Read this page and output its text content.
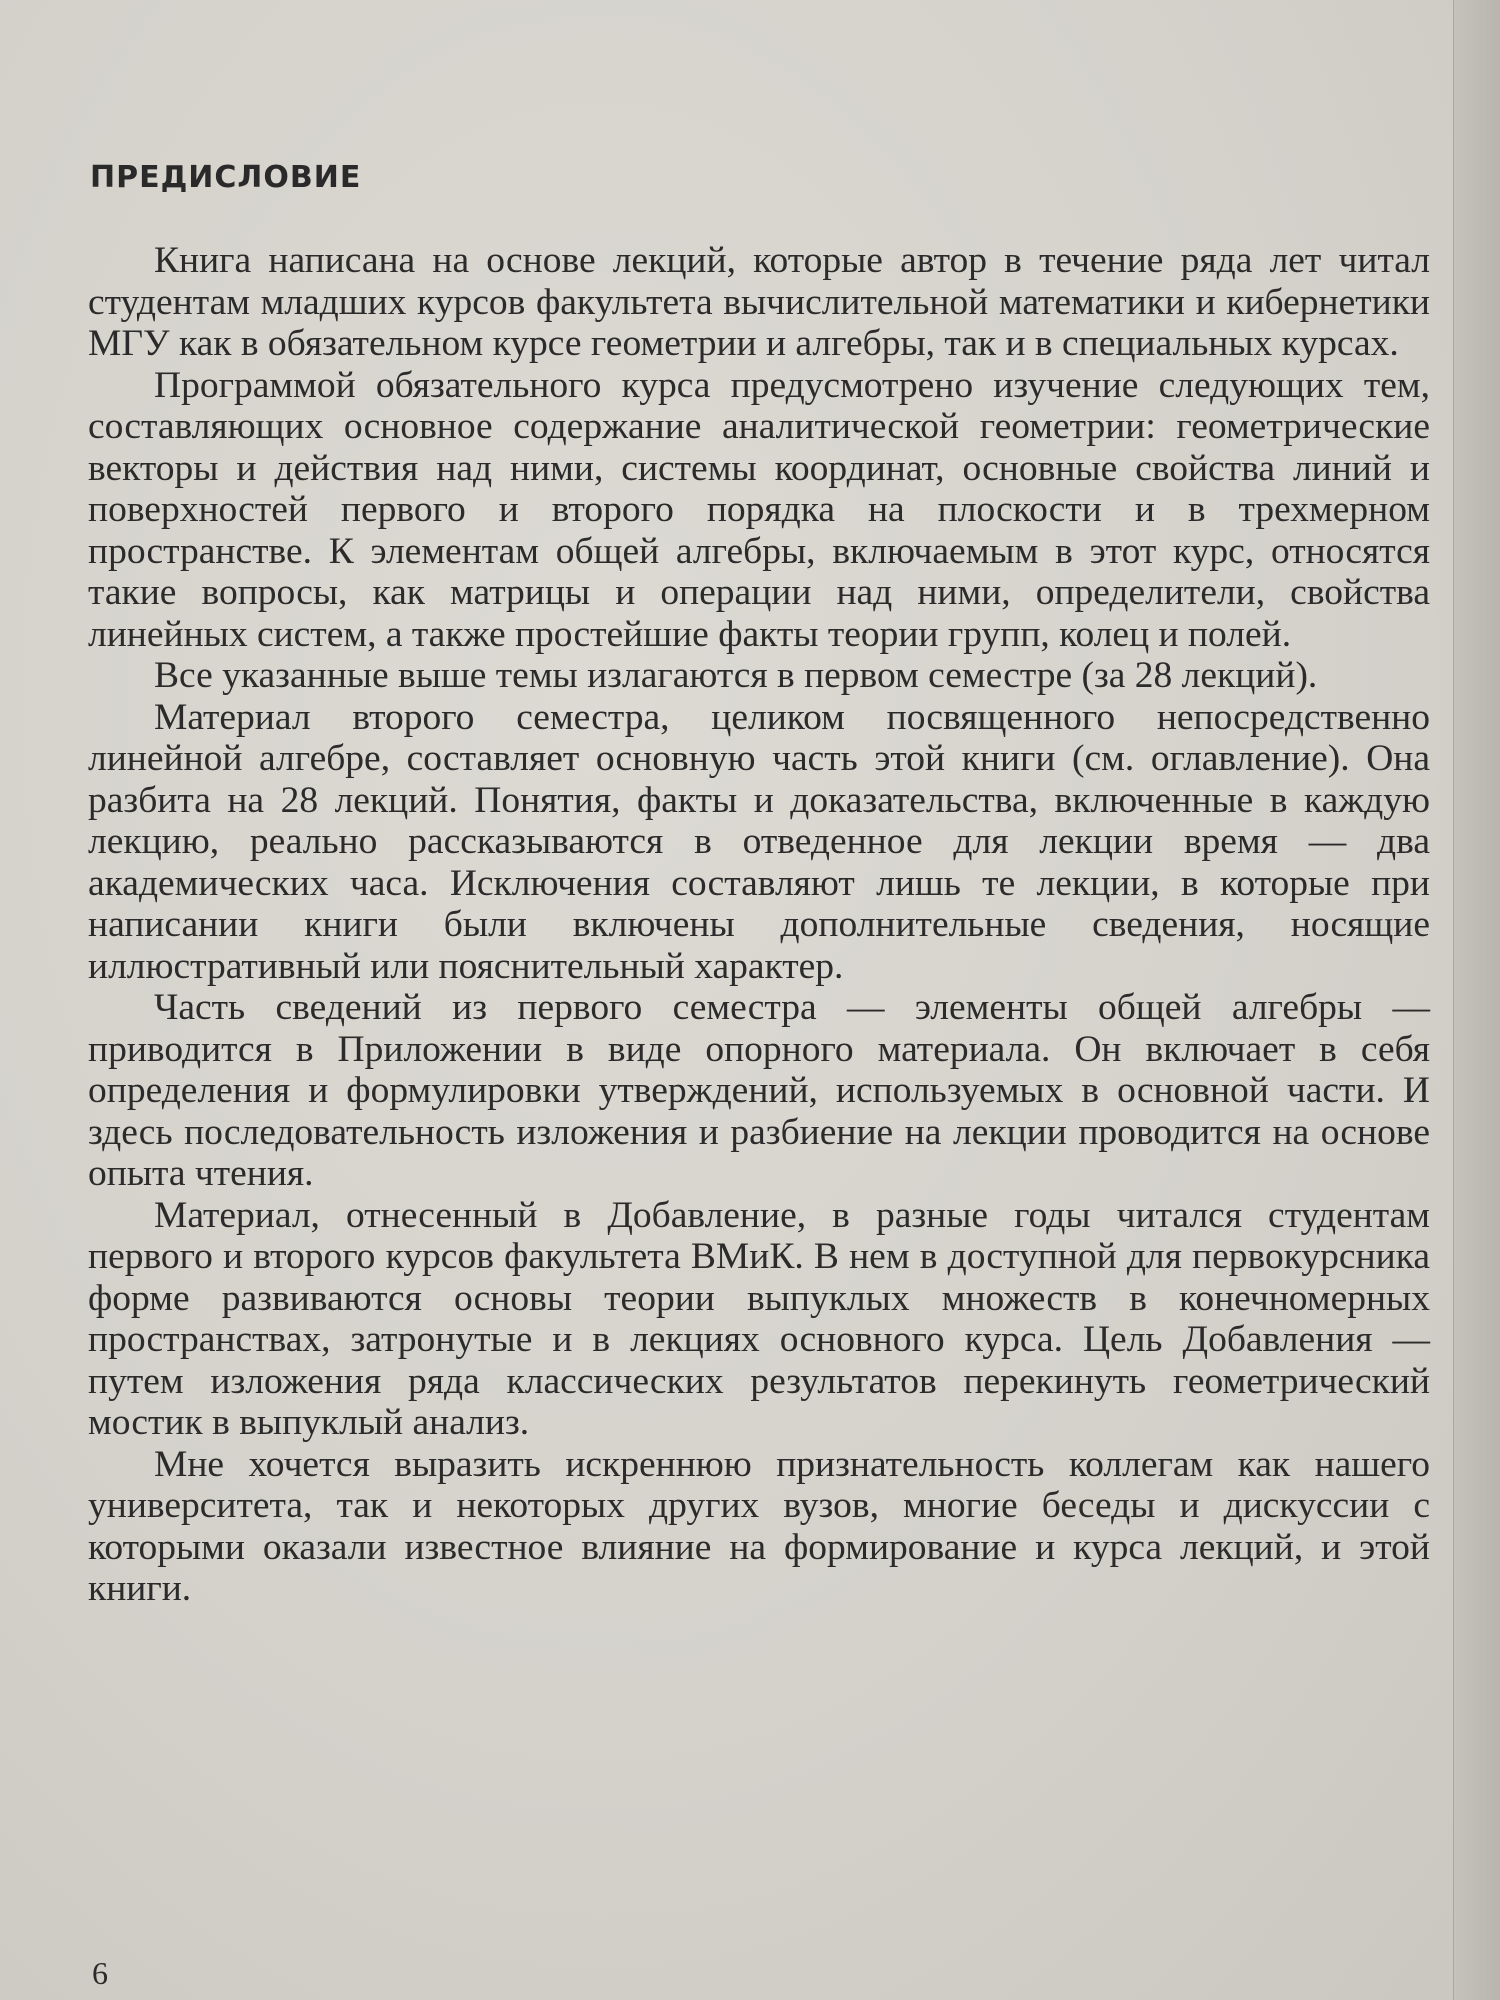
ПРЕДИСЛОВИЕ

Книга написана на основе лекций, которые автор в течение ряда лет читал студентам младших курсов факультета вычислительной математики и кибернетики МГУ как в обязательном курсе геометрии и алгебры, так и в специальных курсах.

Программой обязательного курса предусмотрено изучение следующих тем, составляющих основное содержание аналитической геометрии: геометрические векторы и действия над ними, системы координат, основные свойства линий и поверхностей первого и второго порядка на плоскости и в трехмерном пространстве. К элементам общей алгебры, включаемым в этот курс, относятся такие вопросы, как матрицы и операции над ними, определители, свойства линейных систем, а также простейшие факты теории групп, колец и полей.

Все указанные выше темы излагаются в первом семестре (за 28 лекций).

Материал второго семестра, целиком посвященного непосредственно линейной алгебре, составляет основную часть этой книги (см. оглавление). Она разбита на 28 лекций. Понятия, факты и доказательства, включенные в каждую лекцию, реально рассказываются в отведенное для лекции время — два академических часа. Исключения составляют лишь те лекции, в которые при написании книги были включены дополнительные сведения, носящие иллюстративный или пояснительный характер.

Часть сведений из первого семестра — элементы общей алгебры — приводится в Приложении в виде опорного материала. Он включает в себя определения и формулировки утверждений, используемых в основной части. И здесь последовательность изложения и разбиение на лекции проводится на основе опыта чтения.

Материал, отнесенный в Добавление, в разные годы читался студентам первого и второго курсов факультета ВМиК. В нем в доступной для первокурсника форме развиваются основы теории выпуклых множеств в конечномерных пространствах, затронутые и в лекциях основного курса. Цель Добавления — путем изложения ряда классических результатов перекинуть геометрический мостик в выпуклый анализ.

Мне хочется выразить искреннюю признательность коллегам как нашего университета, так и некоторых других вузов, многие беседы и дискуссии с которыми оказали известное влияние на формирование и курса лекций, и этой книги.

6
